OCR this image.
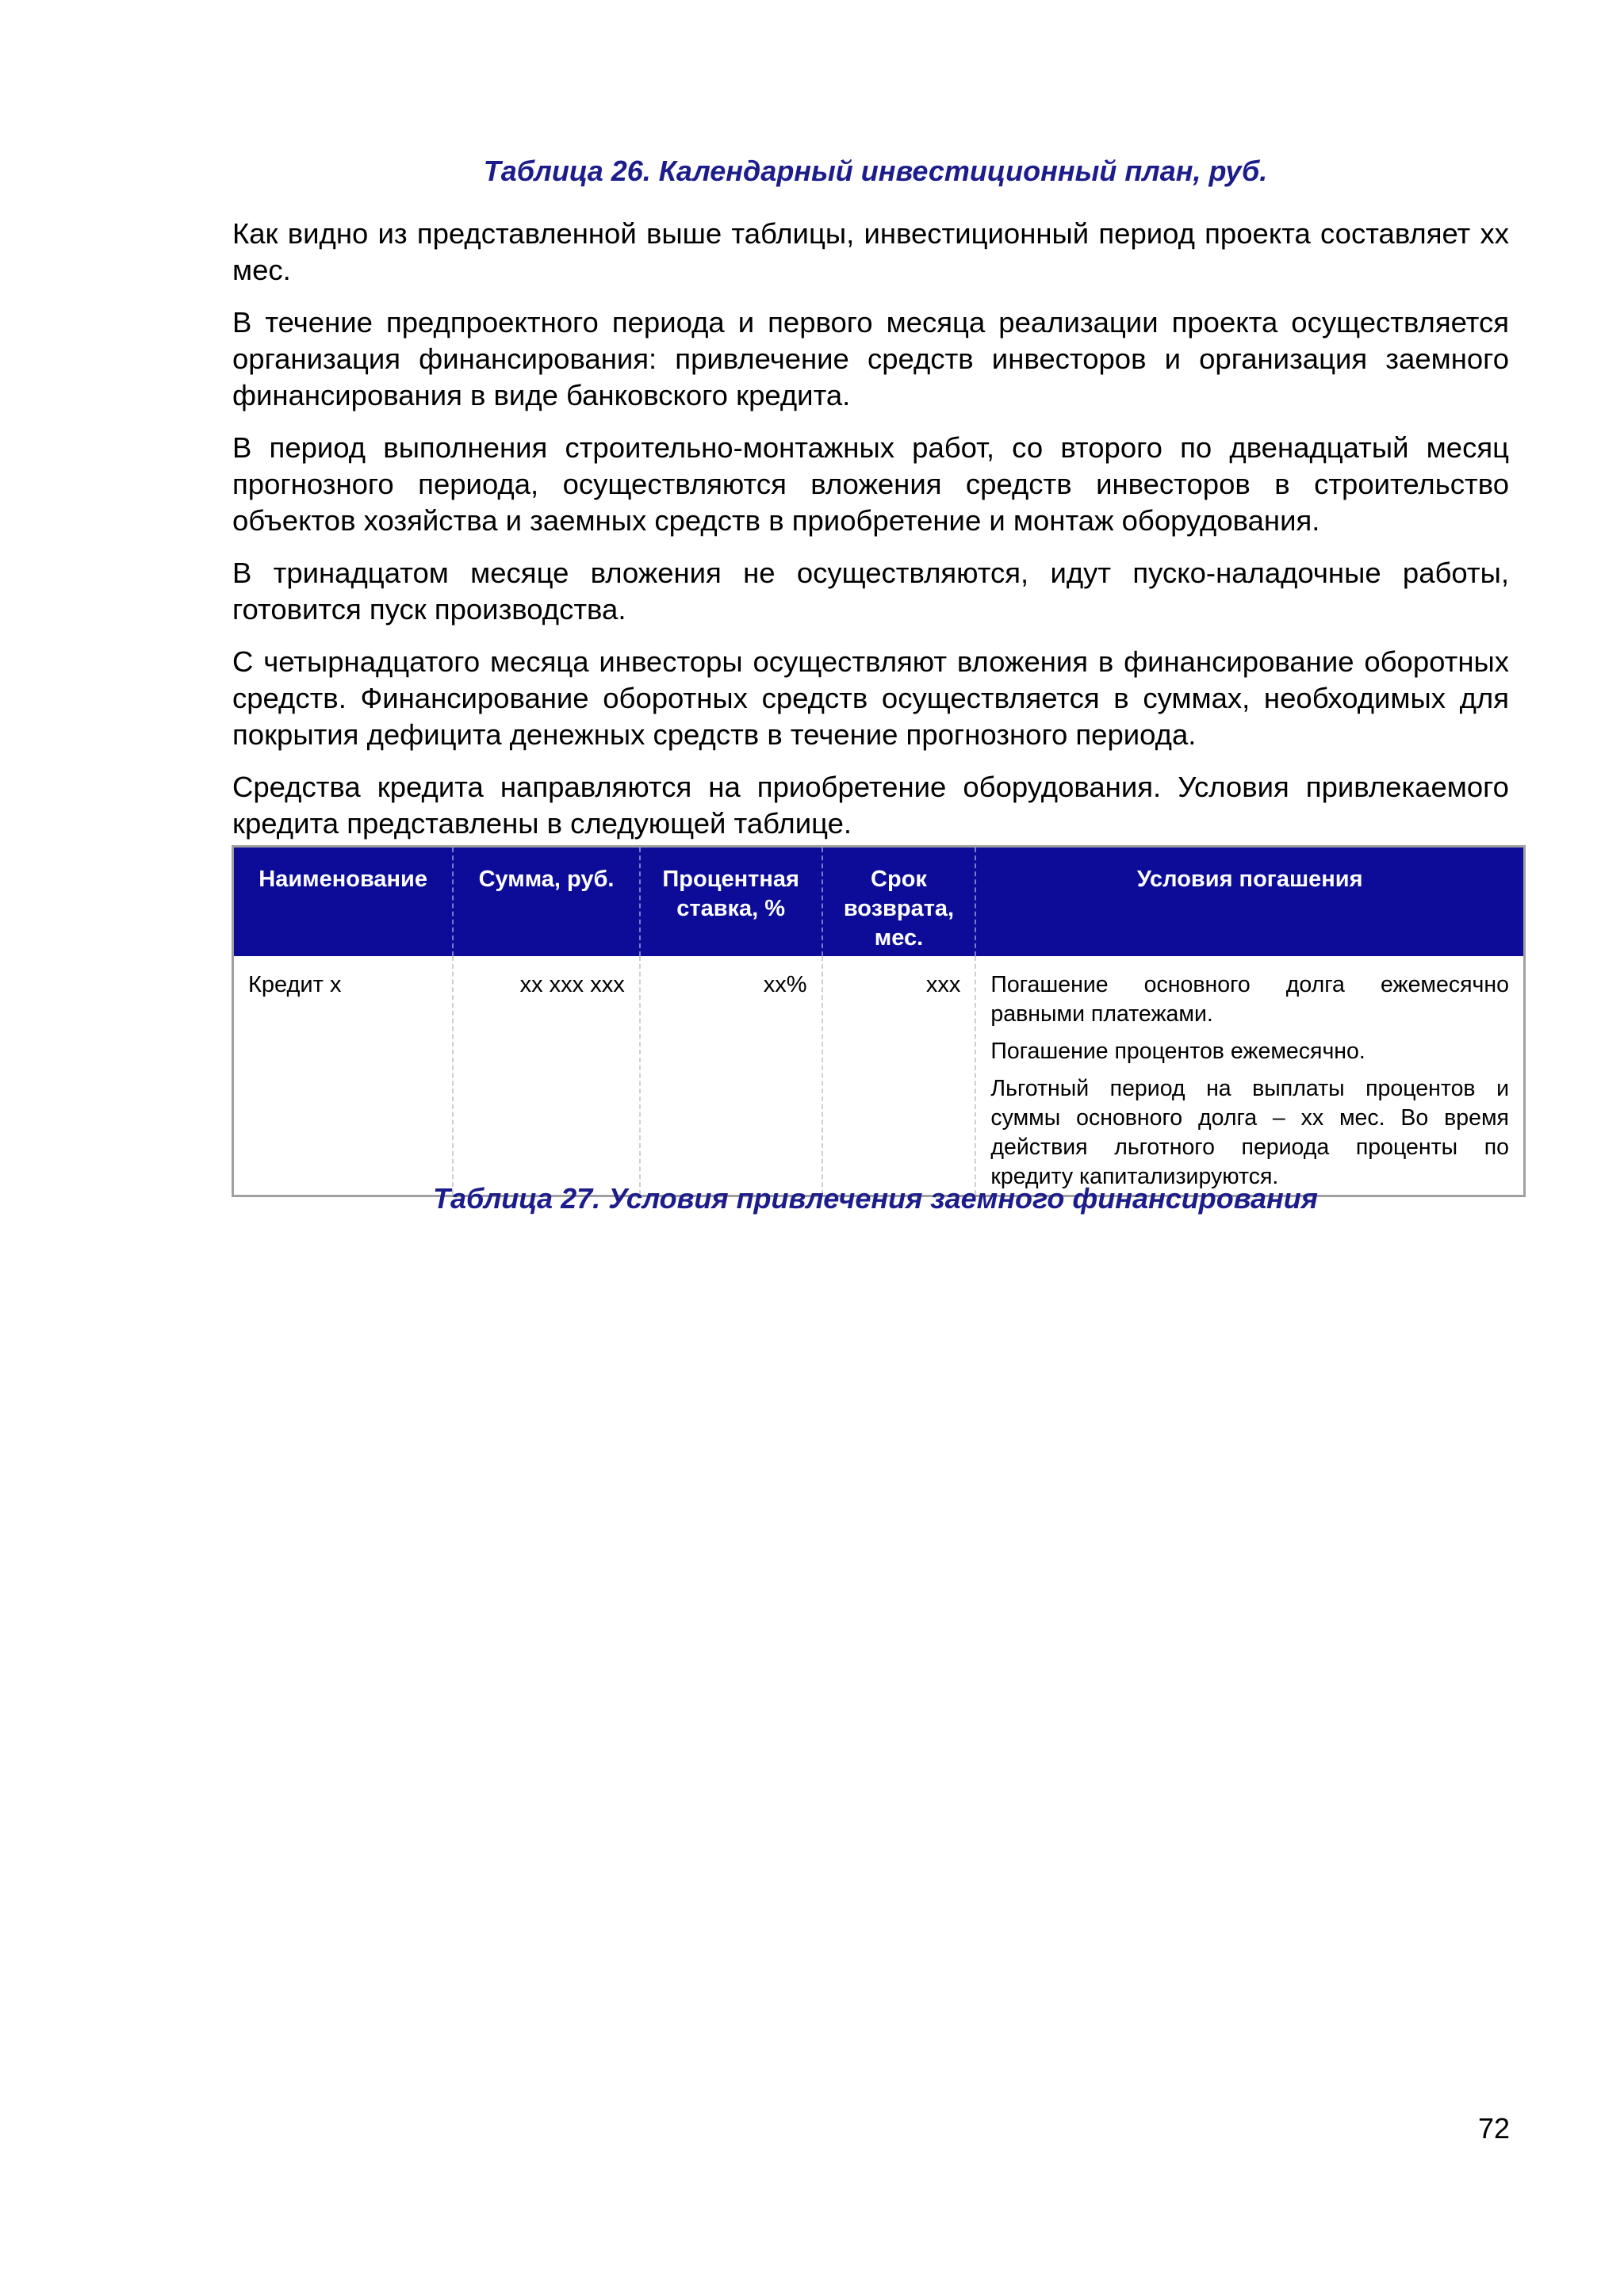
Таблица 26. Календарный инвестиционный план, руб.

Как видно из представленной выше таблицы, инвестиционный период проекта составляет хх мес.

В течение предпроектного периода и первого месяца реализации проекта осуществляется организация финансирования: привлечение средств инвесторов и организация заемного финансирования в виде банковского кредита.

В период выполнения строительно-монтажных работ, со второго по двенадцатый месяц прогнозного периода, осуществляются вложения средств инвесторов в строительство объектов хозяйства и заемных средств в приобретение и монтаж оборудования.

В тринадцатом месяце вложения не осуществляются, идут пуско-наладочные работы, готовится пуск производства.

С четырнадцатого месяца инвесторы осуществляют вложения в финансирование оборотных средств. Финансирование оборотных средств осуществляется в суммах, необходимых для покрытия дефицита денежных средств в течение прогнозного периода.

Средства кредита направляются на приобретение оборудования. Условия привлекаемого кредита представлены в следующей таблице.

Наименование	Сумма, руб.	Процентная ставка, %	Срок возврата, мес.	Условия погашения
Кредит х	хх ххх ххх	хх%	ххх	Погашение основного долга ежемесячно равными платежами.

Погашение процентов ежемесячно.

Льготный период на выплаты процентов и суммы основного долга – хх мес. Во время действия льготного периода проценты по кредиту капитализируются.

Таблица 27. Условия привлечения заемного финансирования
72
